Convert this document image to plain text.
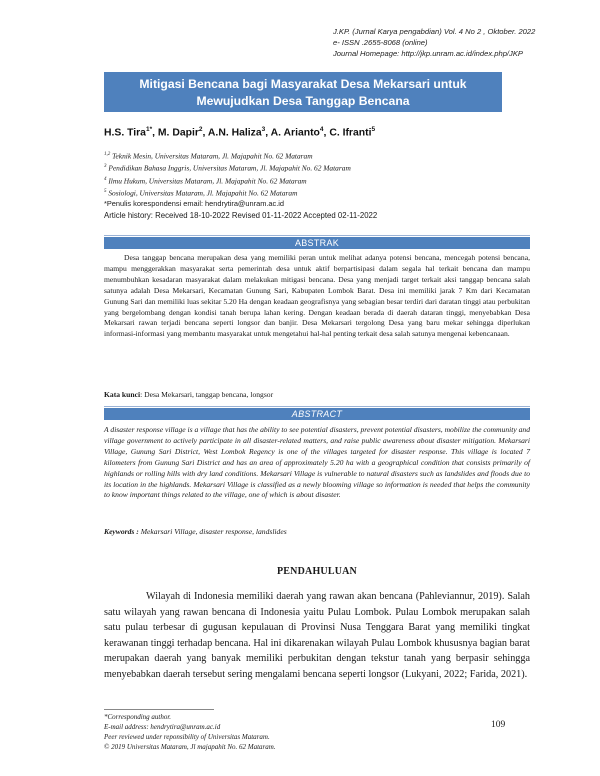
J.KP. (Jurnal Karya pengabdian) Vol. 4 No 2 , Oktober. 2022
e- ISSN .2655-8068 (online)
Journal Homepage: http://jkp.unram.ac.id/index.php/JKP
Mitigasi Bencana bagi Masyarakat Desa Mekarsari untuk
Mewujudkan Desa Tanggap Bencana
H.S. Tira$^{1*}$, M. Dapir$^2$, A.N. Haliza$^3$, A. Arianto$^4$, C. Ifranti$^5$
$^{1,2}$ Teknik Mesin, Universitas Mataram, Jl. Majapahit No. 62 Mataram
$^3$ Pendidikan Bahasa Inggris, Universitas Mataram, Jl. Majapahit No. 62 Mataram
$^4$ Ilmu Hukum, Universitas Mataram, Jl. Majapahit No. 62 Mataram
$^5$ Sosiologi, Universitas Mataram, Jl. Majapahit No. 62 Mataram
*Penulis korespondensi email: hendrytira@unram.ac.id
Article history: Received 18-10-2022 Revised 01-11-2022 Accepted 02-11-2022
ABSTRAK
Desa tanggap bencana merupakan desa yang memiliki peran untuk melihat adanya potensi bencana, mencegah potensi bencana, mampu menggerakkan masyarakat serta pemerintah desa untuk aktif berpartisipasi dalam segala hal terkait bencana dan mampu menumbuhkan kesadaran masyarakat dalam melakukan mitigasi bencana. Desa yang menjadi target terkait aksi tanggap bencana salah satunya adalah Desa Mekarsari, Kecamatan Gunung Sari, Kabupaten Lombok Barat. Desa ini memiliki jarak 7 Km dari Kecamatan Gunung Sari dan memiliki luas sekitar 5.20 Ha dengan keadaan geografisnya yang sebagian besar terdiri dari daratan tinggi atau perbukitan yang bergelombang dengan kondisi tanah berupa lahan kering. Dengan keadaan berada di daerah dataran tinggi, menyebabkan Desa Mekarsari rawan terjadi bencana seperti longsor dan banjir. Desa Mekarsari tergolong Desa yang baru mekar sehingga diperlukan informasi-informasi yang membantu masyarakat untuk mengetahui hal-hal penting terkait desa salah satunya mengenai kebencanaan.
Kata kunci: Desa Mekarsari, tanggap bencana, longsor
ABSTRACT
A disaster response village is a village that has the ability to see potential disasters, prevent potential disasters, mobilize the community and village government to actively participate in all disaster-related matters, and raise public awareness about disaster mitigation. Mekarsari Village, Gunung Sari District, West Lombok Regency is one of the villages targeted for disaster response. This village is located 7 kilometers from Gunung Sari District and has an area of approximately 5.20 ha with a geographical condition that consists primarily of highlands or rolling hills with dry land conditions. Mekarsari Village is vulnerable to natural disasters such as landslides and floods due to its location in the highlands. Mekarsari Village is classified as a newly blooming village so information is needed that helps the community to know important things related to the village, one of which is about disaster.
Keywords : Mekarsari Village, disaster response, landslides
PENDAHULUAN
Wilayah di Indonesia memiliki daerah yang rawan akan bencana (Pahleviannur, 2019). Salah satu wilayah yang rawan bencana di Indonesia yaitu Pulau Lombok. Pulau Lombok merupakan salah satu pulau terbesar di gugusan kepulauan di Provinsi Nusa Tenggara Barat yang memiliki tingkat kerawanan tinggi terhadap bencana. Hal ini dikarenakan wilayah Pulau Lombok khususnya bagian barat merupakan daerah yang banyak memiliki perbukitan dengan tekstur tanah yang berpasir sehingga menyebabkan daerah tersebut sering mengalami bencana seperti longsor (Lukyani, 2022; Farida, 2021).
*Corresponding author.
E-mail address: hendrytira@unram.ac.id
Peer reviewed under reponsibility of Universitas Mataram.
© 2019 Universitas Mataram, Jl majapahit No. 62 Mataram.
109
